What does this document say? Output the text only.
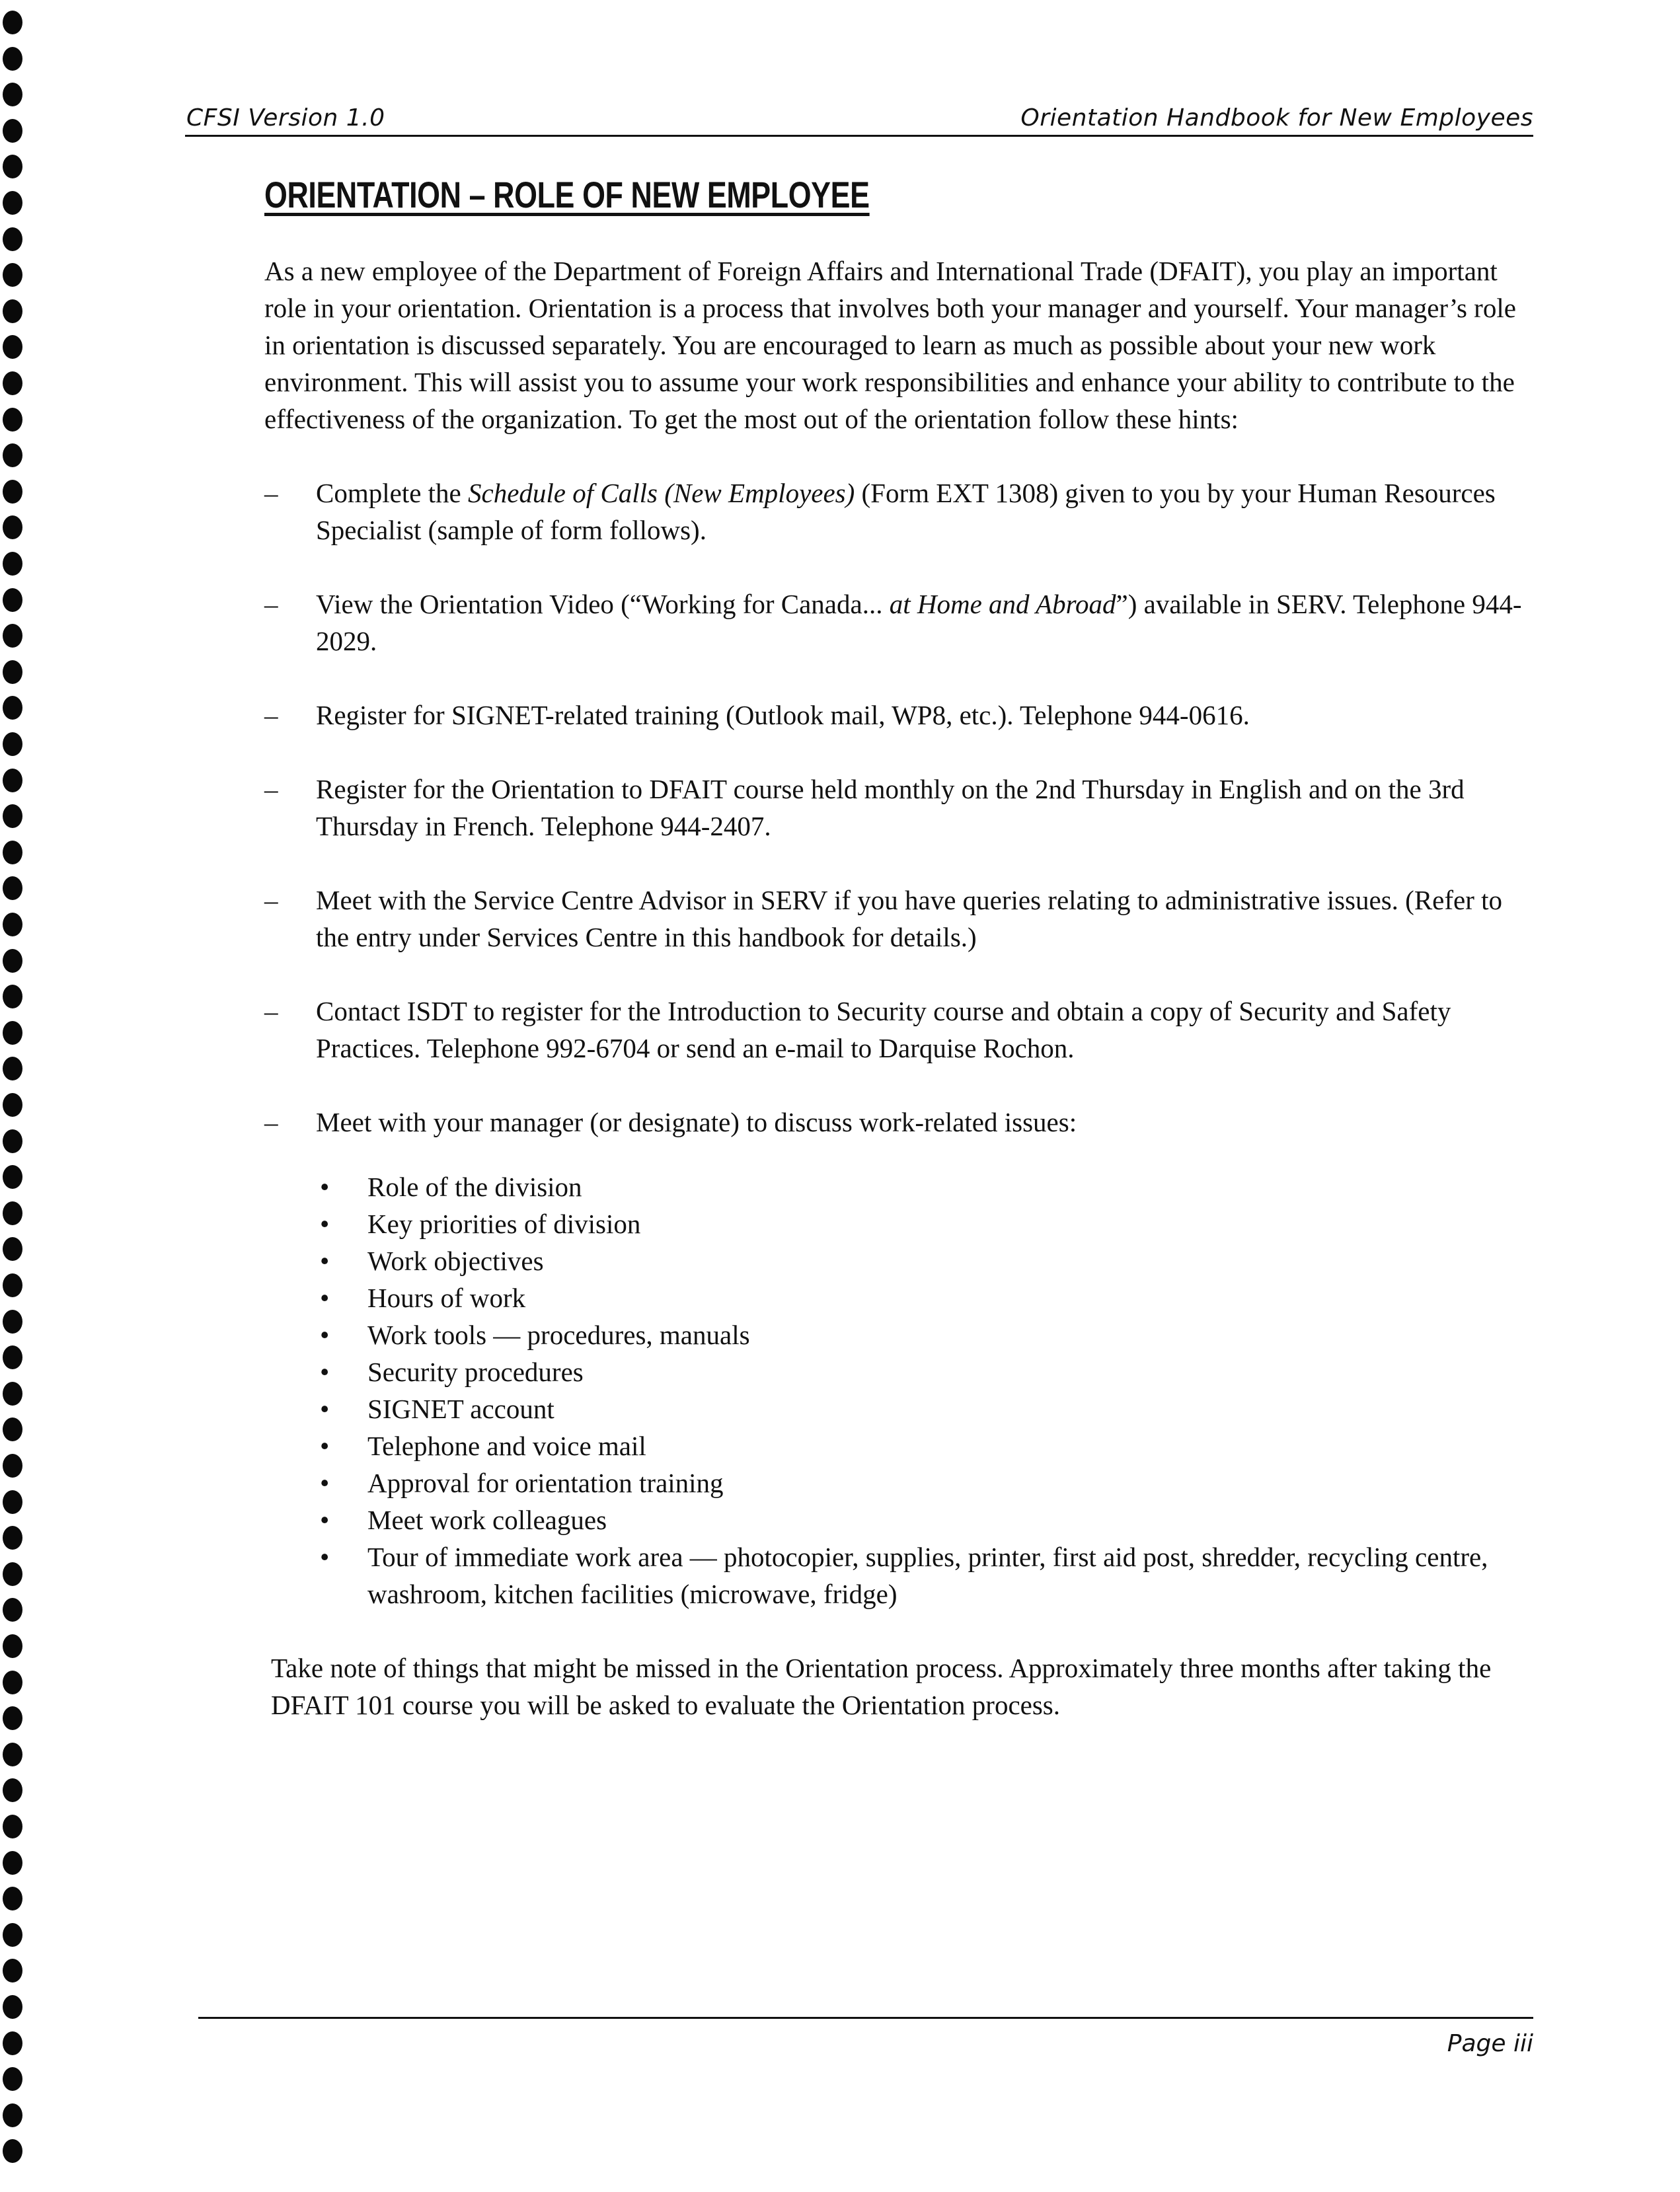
CFSI Version 1.0	Orientation Handbook for New Employees
ORIENTATION – ROLE OF NEW EMPLOYEE

As a new employee of the Department of Foreign Affairs and International Trade (DFAIT), you play an important role in your orientation. Orientation is a process that involves both your manager and yourself. Your manager’s role in orientation is discussed separately. You are encouraged to learn as much as possible about your new work environment. This will assist you to assume your work responsibilities and enhance your ability to contribute to the effectiveness of the organization. To get the most out of the orientation follow these hints:

– Complete the Schedule of Calls (New Employees) (Form EXT 1308) given to you by your Human Resources Specialist (sample of form follows).
– View the Orientation Video (“Working for Canada... at Home and Abroad”) available in SERV. Telephone 944-2029.
– Register for SIGNET-related training (Outlook mail, WP8, etc.). Telephone 944-0616.
– Register for the Orientation to DFAIT course held monthly on the 2nd Thursday in English and on the 3rd Thursday in French. Telephone 944-2407.
– Meet with the Service Centre Advisor in SERV if you have queries relating to administrative issues. (Refer to the entry under Services Centre in this handbook for details.)
– Contact ISDT to register for the Introduction to Security course and obtain a copy of Security and Safety Practices. Telephone 992-6704 or send an e-mail to Darquise Rochon.
– Meet with your manager (or designate) to discuss work-related issues:
• Role of the division
• Key priorities of division
• Work objectives
• Hours of work
• Work tools — procedures, manuals
• Security procedures
• SIGNET account
• Telephone and voice mail
• Approval for orientation training
• Meet work colleagues
• Tour of immediate work area — photocopier, supplies, printer, first aid post, shredder, recycling centre, washroom, kitchen facilities (microwave, fridge)

Take note of things that might be missed in the Orientation process. Approximately three months after taking the DFAIT 101 course you will be asked to evaluate the Orientation process.

Page iii
